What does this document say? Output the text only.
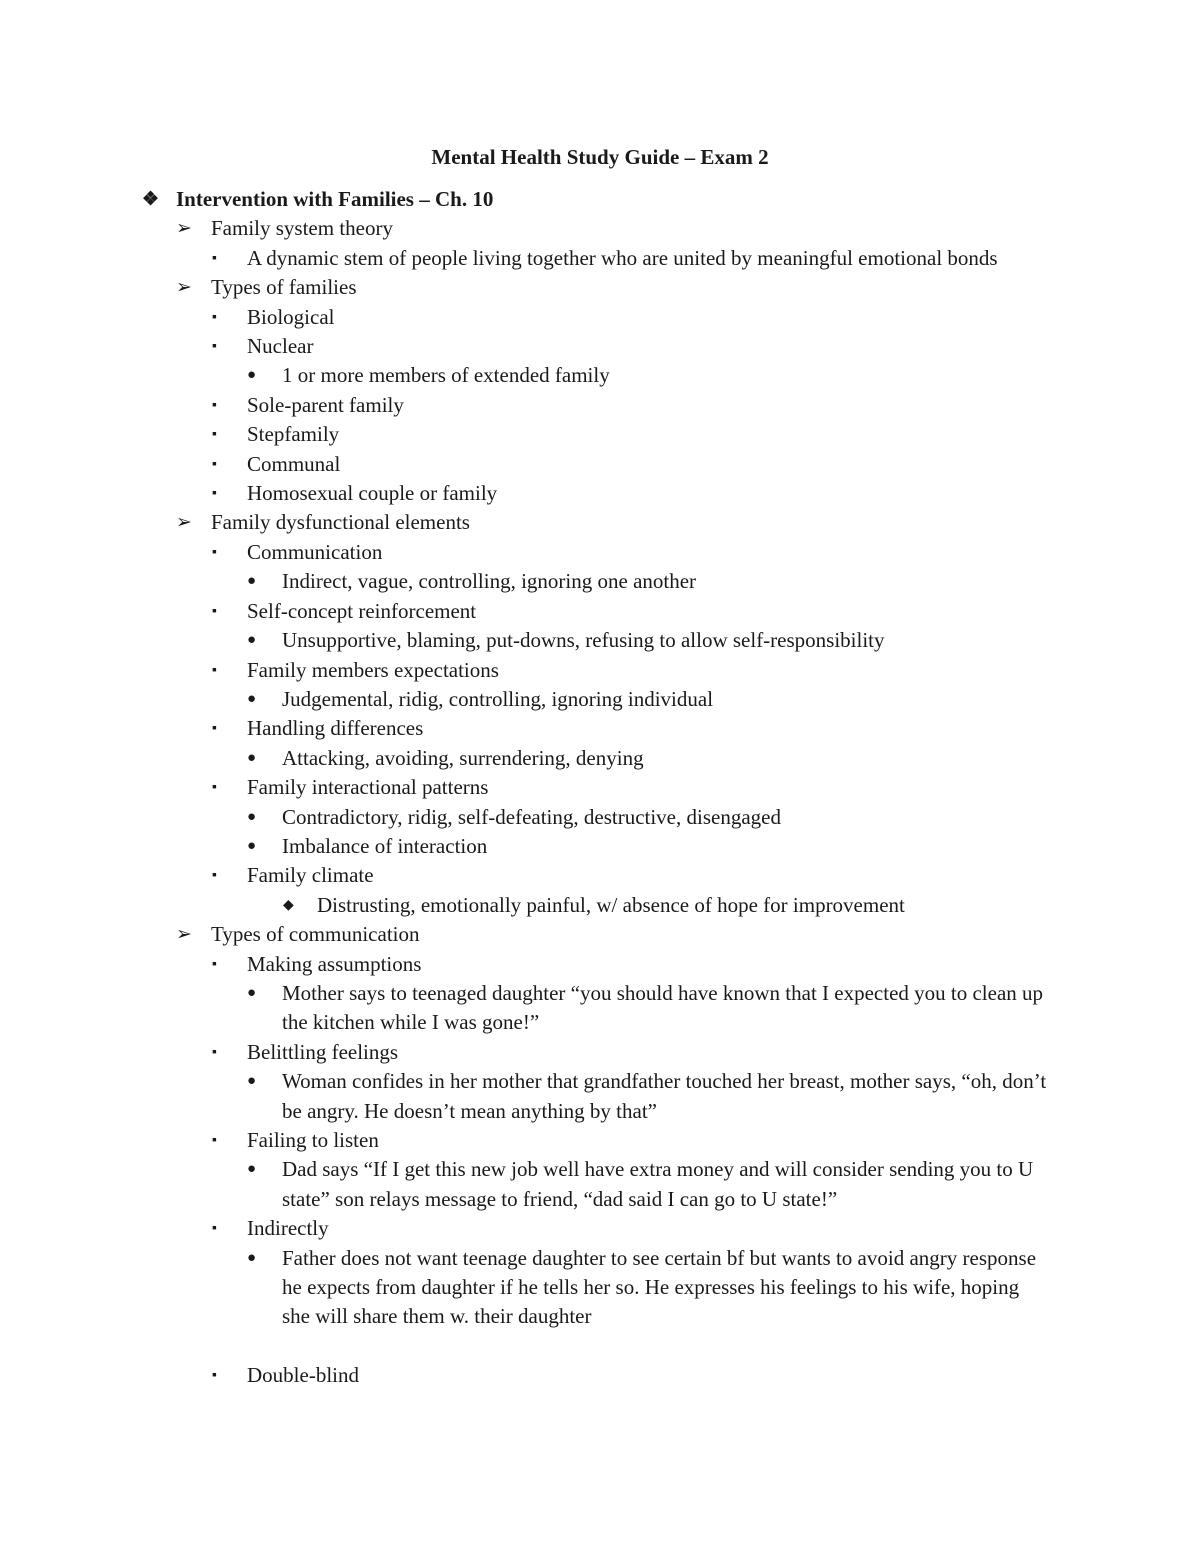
Mental Health Study Guide – Exam 2
❖ Intervention with Families – Ch. 10
➢ Family system theory
▪	A dynamic stem of people living together who are united by meaningful emotional bonds
➢ Types of families
▪	Biological
▪	Nuclear
●	1 or more members of extended family
▪	Sole-parent family
▪	Stepfamily
▪	Communal
▪	Homosexual couple or family
➢ Family dysfunctional elements
▪	Communication
●	Indirect, vague, controlling, ignoring one another
▪	Self-concept reinforcement
●	Unsupportive, blaming, put-downs, refusing to allow self-responsibility
▪	Family members expectations
●	Judgemental, ridig, controlling, ignoring individual
▪	Handling differences
●	Attacking, avoiding, surrendering, denying
▪	Family interactional patterns
●	Contradictory, ridig, self-defeating, destructive, disengaged
●	Imbalance of interaction
▪	Family climate
◆	Distrusting, emotionally painful, w/ absence of hope for improvement
➢ Types of communication
▪	Making assumptions
●	Mother says to teenaged daughter “you should have known that I expected you to clean up the kitchen while I was gone!”
▪	Belittling feelings
●	Woman confides in her mother that grandfather touched her breast, mother says, “oh, don’t be angry. He doesn’t mean anything by that”
▪	Failing to listen
●	Dad says “If I get this new job well have extra money and will consider sending you to U state” son relays message to friend, “dad said I can go to U state!”
▪	Indirectly
●	Father does not want teenage daughter to see certain bf but wants to avoid angry response he expects from daughter if he tells her so. He expresses his feelings to his wife, hoping she will share them w. their daughter
▪	Double-blind
